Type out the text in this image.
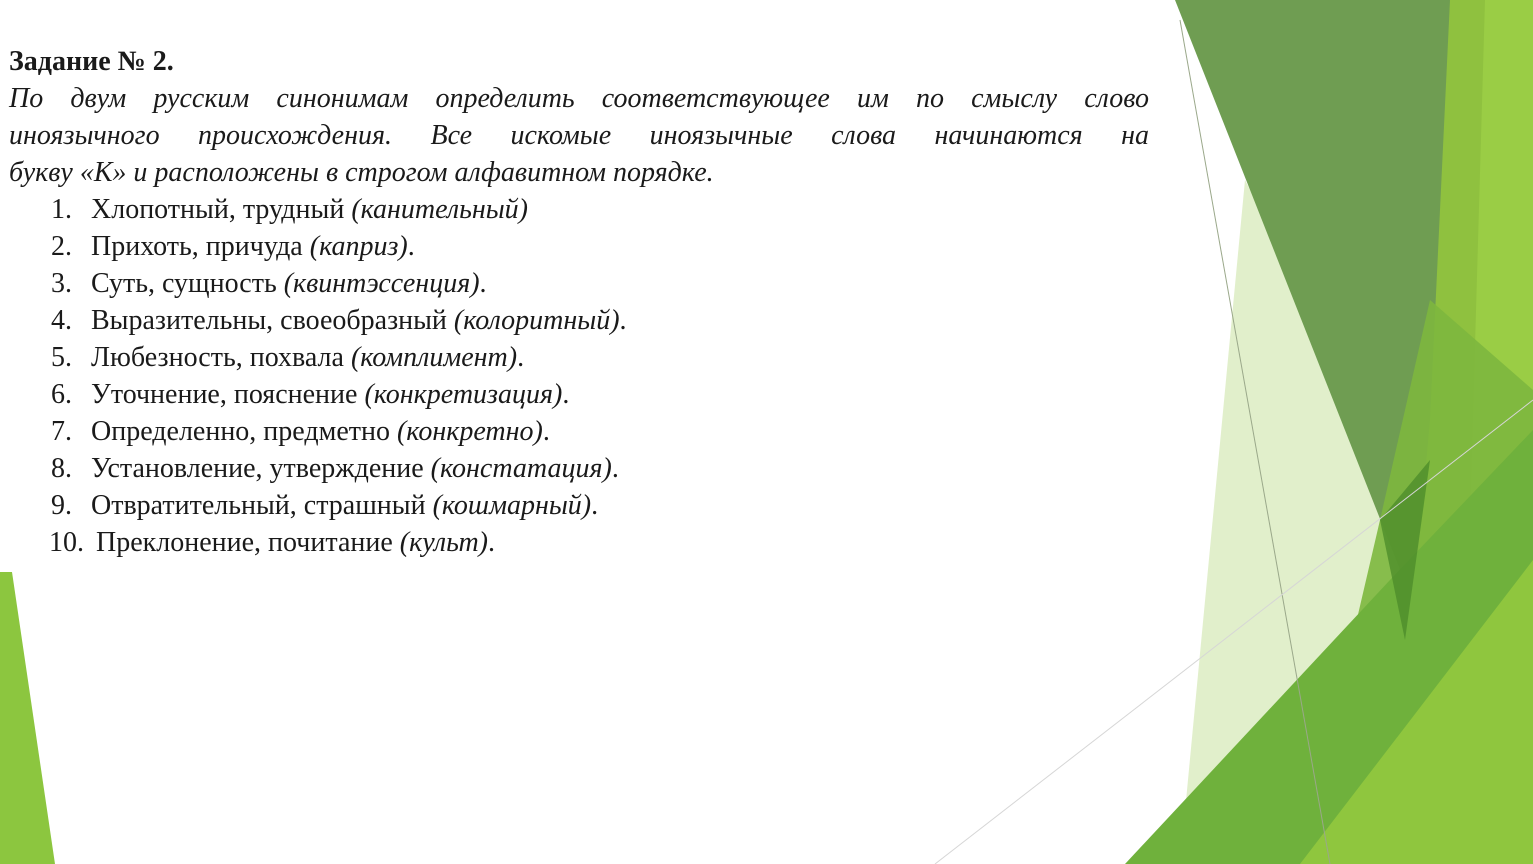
Задание № 2.

По двум русским синонимам определить соответствующее им по смыслу слово
иноязычного происхождения. Все искомые иноязычные слова начинаются на
букву «К» и расположены в строгом алфавитном порядке.

1. Хлопотный, трудный (канительный)
2. Прихоть, причуда (каприз).
3. Суть, сущность (квинтэссенция).
4. Выразительны, своеобразный (колоритный).
5. Любезность, похвала (комплимент).
6. Уточнение, пояснение (конкретизация).
7. Определенно, предметно (конкретно).
8. Установление, утверждение (констатация).
9. Отвратительный, страшный (кошмарный).
10. Преклонение, почитание (культ).
